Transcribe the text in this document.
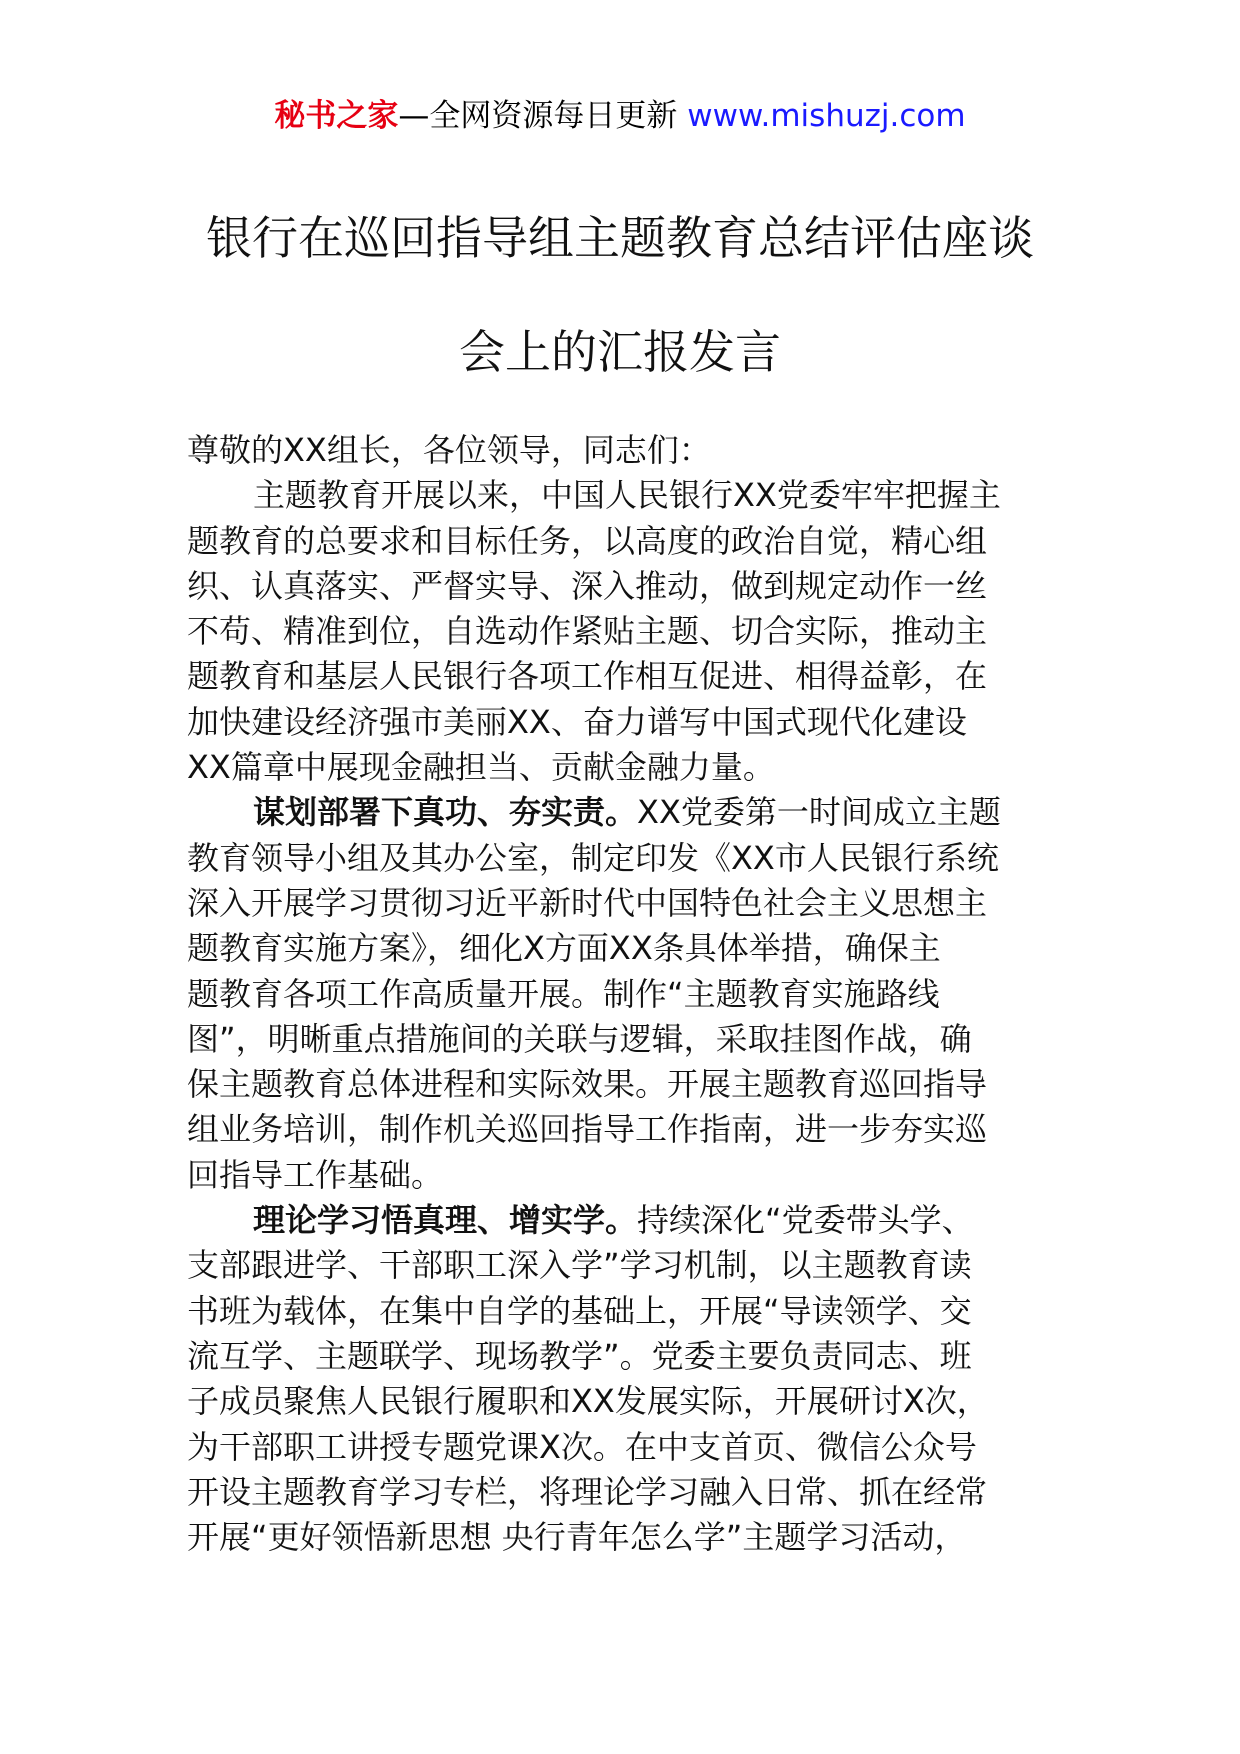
秘书之家—全网资源每日更新 www.mishuzj.com
银行在巡回指导组主题教育总结评估座谈
会上的汇报发言
尊敬的XX组长，各位领导，同志们：
主题教育开展以来，中国人民银行XX党委牢牢把握主
题教育的总要求和目标任务，以高度的政治自觉，精心组
织、认真落实、严督实导、深入推动，做到规定动作一丝
不苟、精准到位，自选动作紧贴主题、切合实际，推动主
题教育和基层人民银行各项工作相互促进、相得益彰，在
加快建设经济强市美丽XX、奋力谱写中国式现代化建设
XX篇章中展现金融担当、贡献金融力量。
谋划部署下真功、夯实责。XX党委第一时间成立主题
教育领导小组及其办公室，制定印发《XX市人民银行系统
深入开展学习贯彻习近平新时代中国特色社会主义思想主
题教育实施方案》，细化X方面XX条具体举措，确保主
题教育各项工作高质量开展。制作“主题教育实施路线
图”，明晰重点措施间的关联与逻辑，采取挂图作战，确
保主题教育总体进程和实际效果。开展主题教育巡回指导
组业务培训，制作机关巡回指导工作指南，进一步夯实巡
回指导工作基础。
理论学习悟真理、增实学。持续深化“党委带头学、
支部跟进学、干部职工深入学”学习机制，以主题教育读
书班为载体，在集中自学的基础上，开展“导读领学、交
流互学、主题联学、现场教学”。党委主要负责同志、班
子成员聚焦人民银行履职和XX发展实际，开展研讨X次，
为干部职工讲授专题党课X次。在中支首页、微信公众号
开设主题教育学习专栏，将理论学习融入日常、抓在经常
开展“更好领悟新思想 央行青年怎么学”主题学习活动，
